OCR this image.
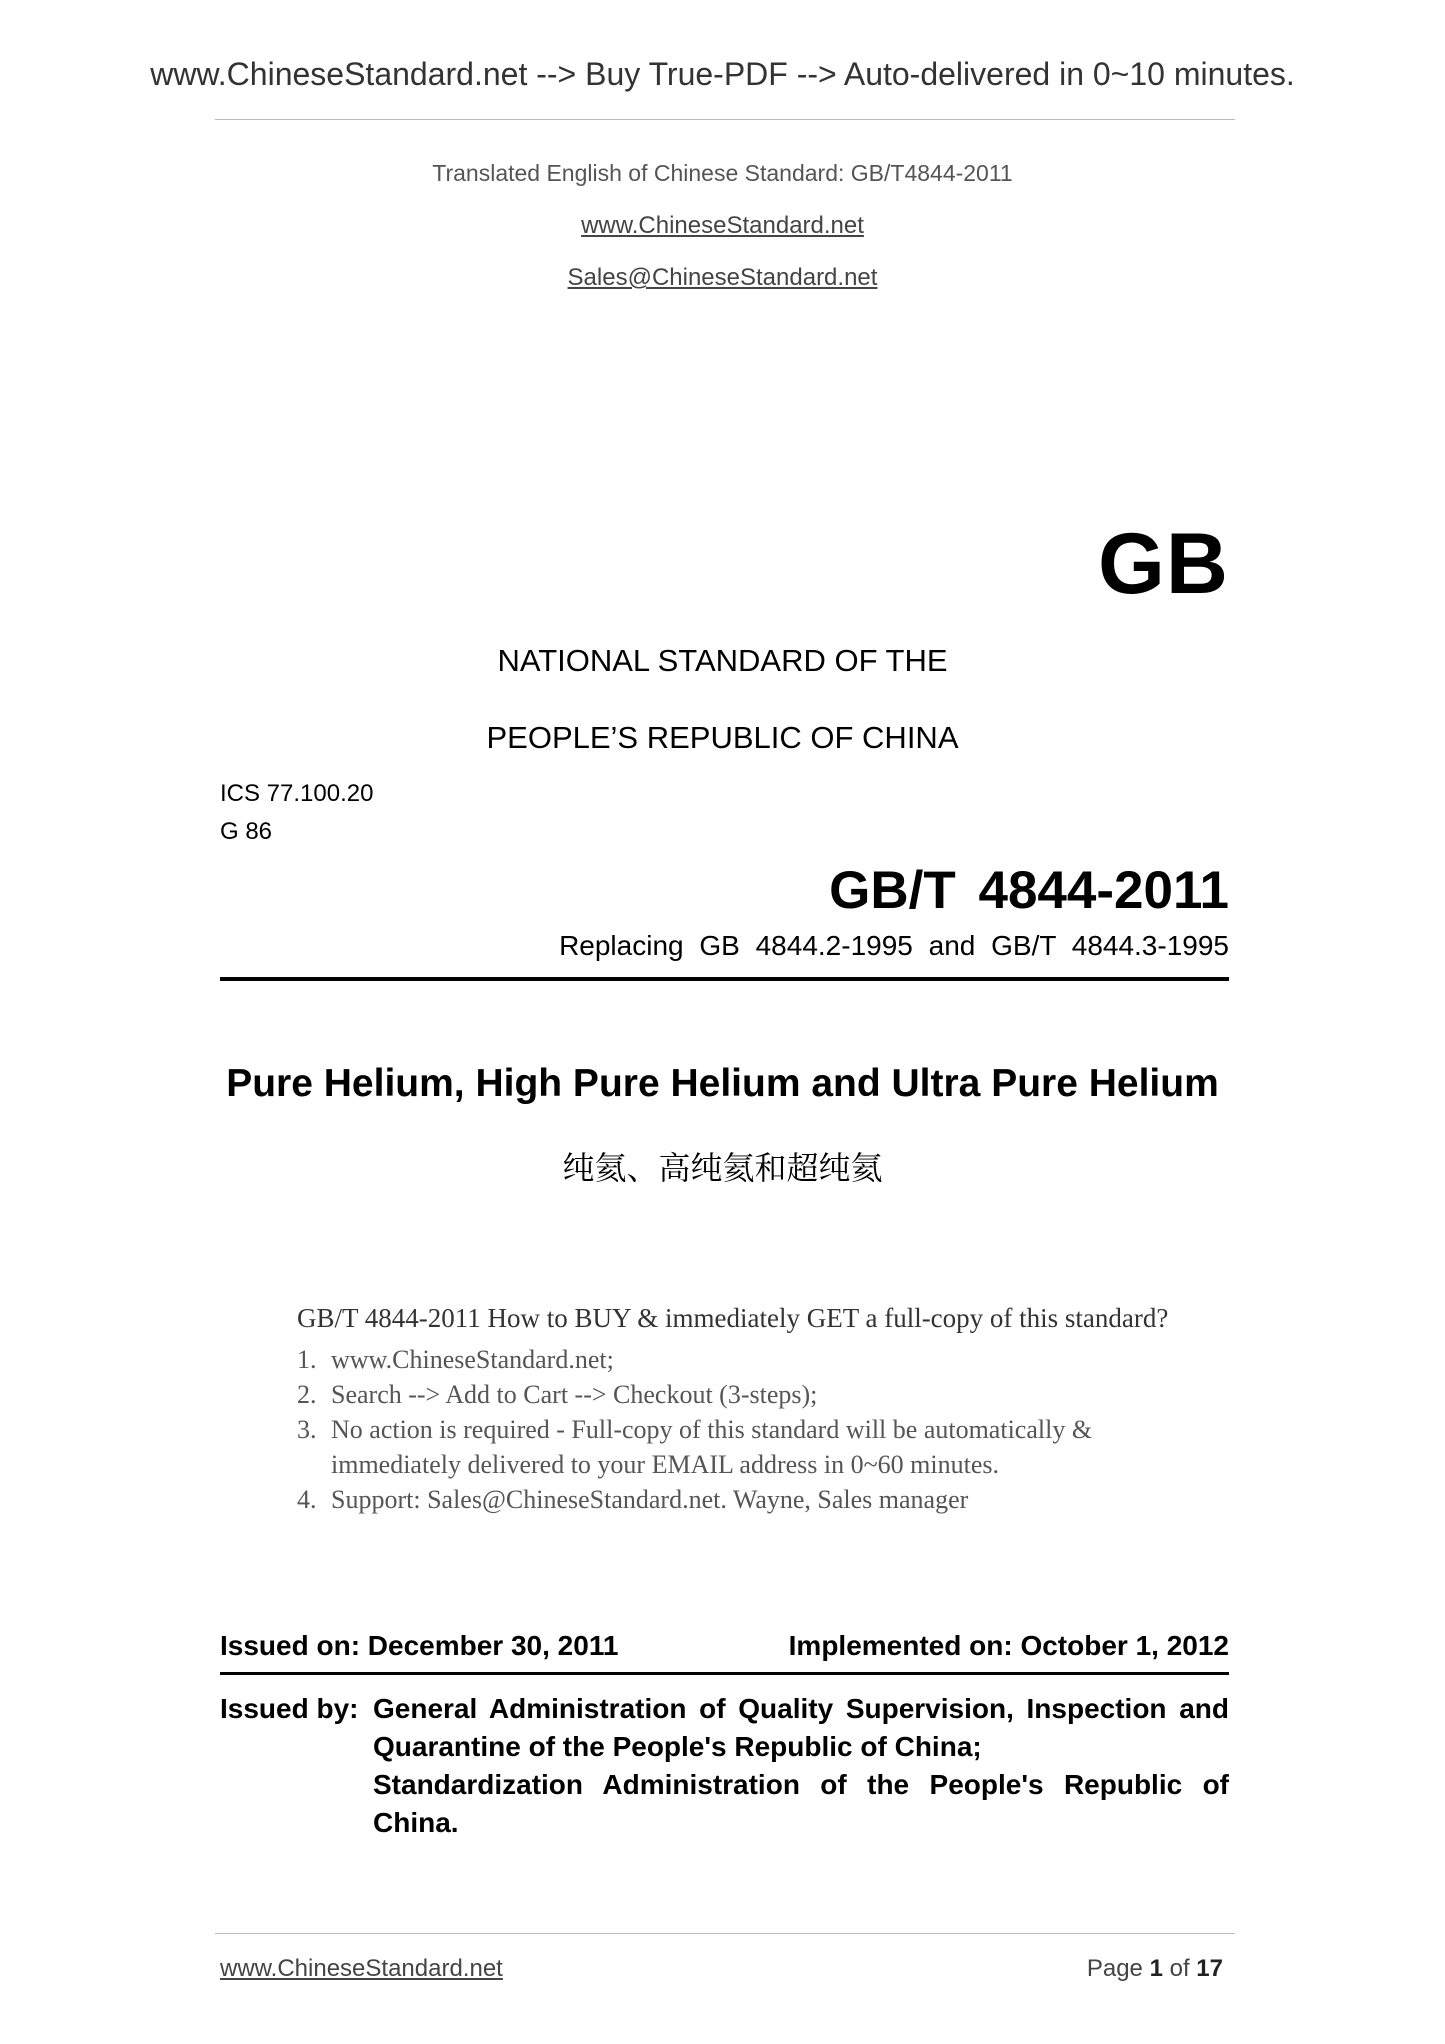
www.ChineseStandard.net --> Buy True-PDF --> Auto-delivered in 0~10 minutes.
Translated English of Chinese Standard: GB/T4844-2011
www.ChineseStandard.net
Sales@ChineseStandard.net
GB
NATIONAL STANDARD OF THE
PEOPLE’S REPUBLIC OF CHINA
ICS 77.100.20
G 86
GB/T 4844-2011
Replacing GB 4844.2-1995 and GB/T 4844.3-1995
Pure Helium, High Pure Helium and Ultra Pure Helium
纯氦、高纯氦和超纯氦
GB/T 4844-2011 How to BUY & immediately GET a full-copy of this standard?
1. www.ChineseStandard.net;
2. Search --> Add to Cart --> Checkout (3-steps);
3. No action is required - Full-copy of this standard will be automatically & immediately delivered to your EMAIL address in 0~60 minutes.
4. Support: Sales@ChineseStandard.net. Wayne, Sales manager
Issued on: December 30, 2011	Implemented on: October 1, 2012
Issued by: General Administration of Quality Supervision, Inspection and Quarantine of the People's Republic of China;
Standardization Administration of the People's Republic of China.
www.ChineseStandard.net	Page 1 of 17
